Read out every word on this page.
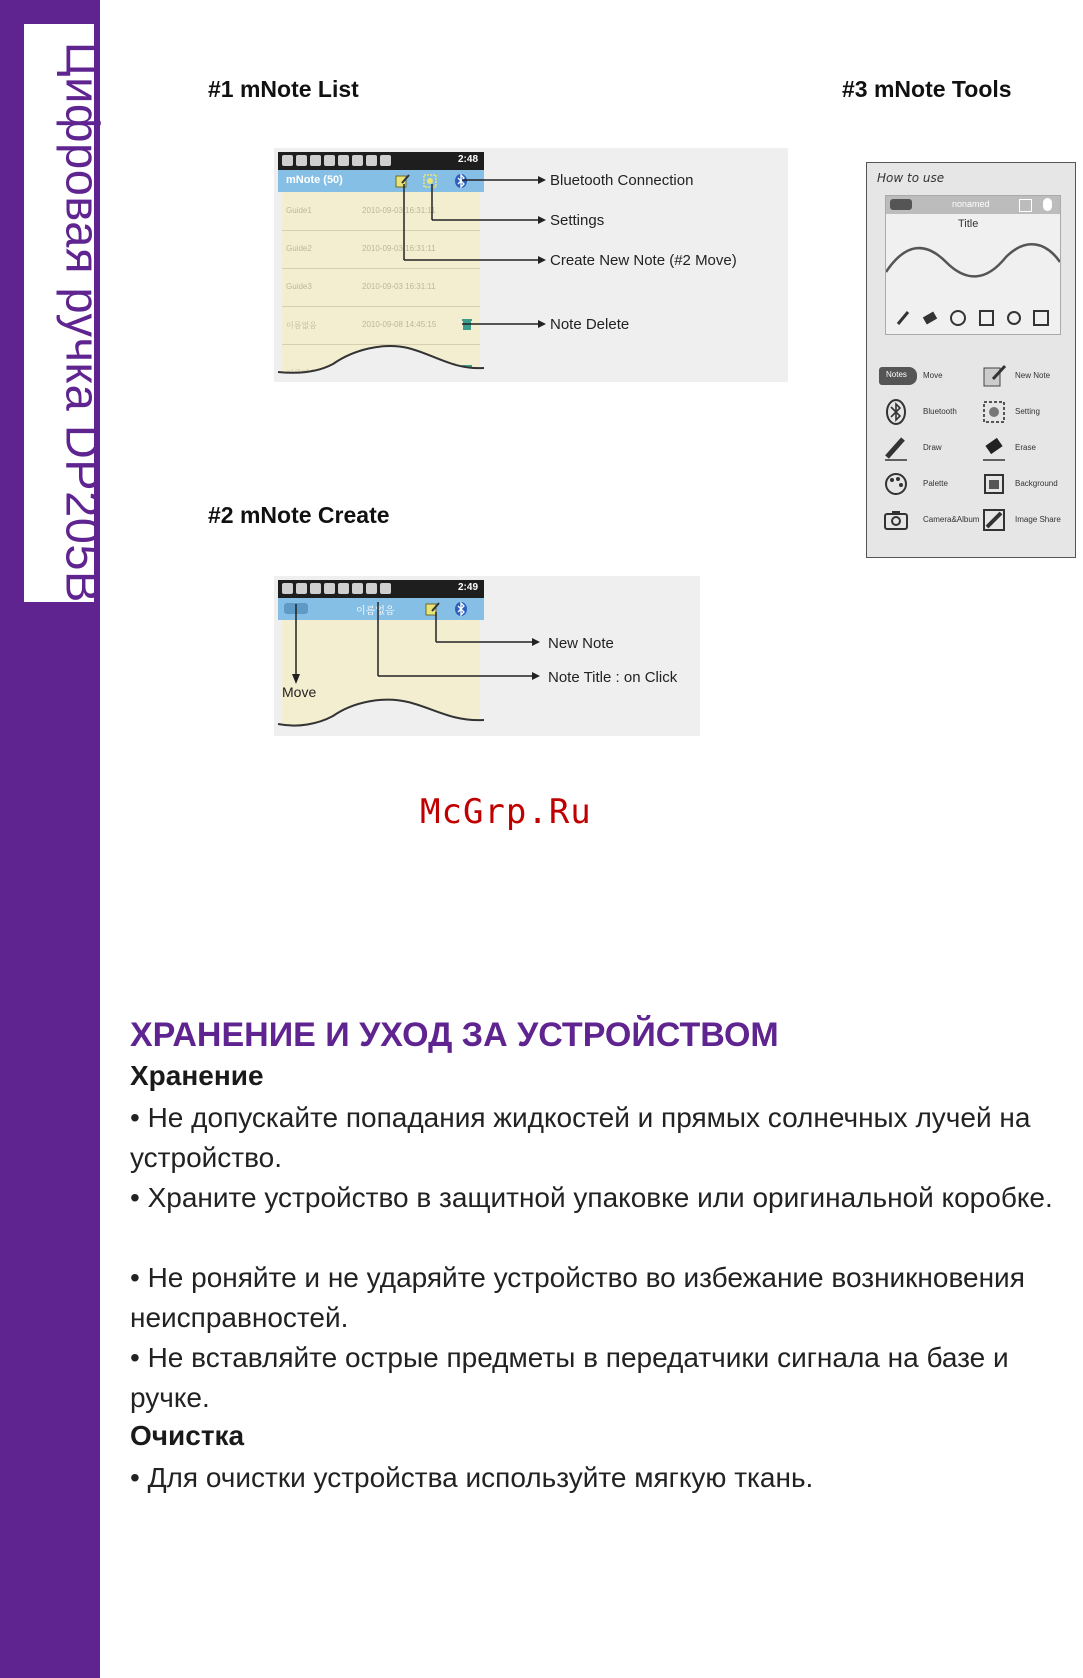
Цифровая ручка DP205BT	#1 mNote List
2:48
mNote (50)
Guide1	2010-09-03 16:31:11
Guide2	2010-09-03 16:31:11
Guide3	2010-09-03 16:31:11
이름없음	2010-09-08 14:45:15
Bluetooth Connection
Settings
Create New Note (#2 Move)
Note Delete
#3 mNote Tools
How to use
nonamed
Title
Notes Move	New Note
Bluetooth	Setting
Draw	Erase
Palette	Background
Camera&Album	Image Share
#2 mNote Create
2:49
이름없음
Move
New Note
Note Title : on Click
McGrp.Ru
ХРАНЕНИЕ И УХОД ЗА УСТРОЙСТВОМ
Хранение
• Не допускайте попадания жидкостей и прямых солнечных лучей на устройство.
• Храните устройство в защитной упаковке или оригинальной коробке.
• Не роняйте и не ударяйте устройство во избежание возникновения неисправностей.
• Не вставляйте острые предметы в передатчики сигнала на базе и ручке.
Очистка
• Для очистки устройства используйте мягкую ткань.
